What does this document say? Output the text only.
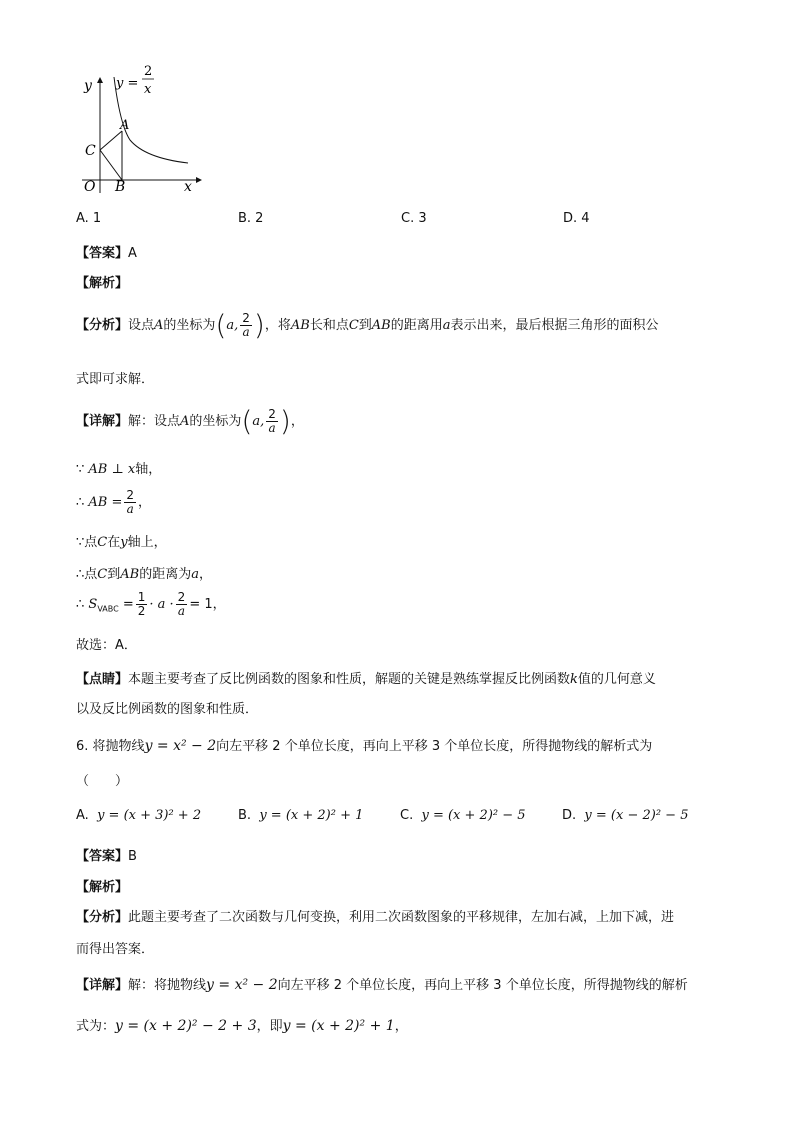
y y =
2
x
A
C
O B	x
A. 1	B. 2	C. 3	D. 4
【答案】A
【解析】
【分析】设点A的坐标为(a, $\frac{2}{a}$ )，将AB长和点C到AB的距离用a表示出来，最后根据三角形的面积公
式即可求解．
【详解】解：设点A的坐标为(a, $\frac{2}{a}$ )，
∵ AB ⊥ x轴，
∴ AB = $\frac{2}{a}$ ，
∵点C在y轴上，
∴点C到AB的距离为a，
∴ $S_{VABC} = \frac{1}{2} \cdot a \cdot \frac{2}{a} = 1$，
故选：A．
【点睛】本题主要考查了反比例函数的图象和性质，解题的关键是熟练掌握反比例函数k值的几何意义
以及反比例函数的图象和性质．
6. 将抛物线y = x² − 2向左平移 2 个单位长度，再向上平移 3 个单位长度，所得抛物线的解析式为
（　　）
A. y = (x + 3)² + 2	B. y = (x + 2)² + 1	C. y = (x + 2)² − 5	D. y = (x − 2)² − 5
【答案】B
【解析】
【分析】此题主要考查了二次函数与几何变换，利用二次函数图象的平移规律，左加右减，上加下减，进
而得出答案．
【详解】解：将抛物线y = x² − 2向左平移 2 个单位长度，再向上平移 3 个单位长度，所得抛物线的解析
式为：y = (x + 2)² − 2 + 3，即y = (x + 2)² + 1，
